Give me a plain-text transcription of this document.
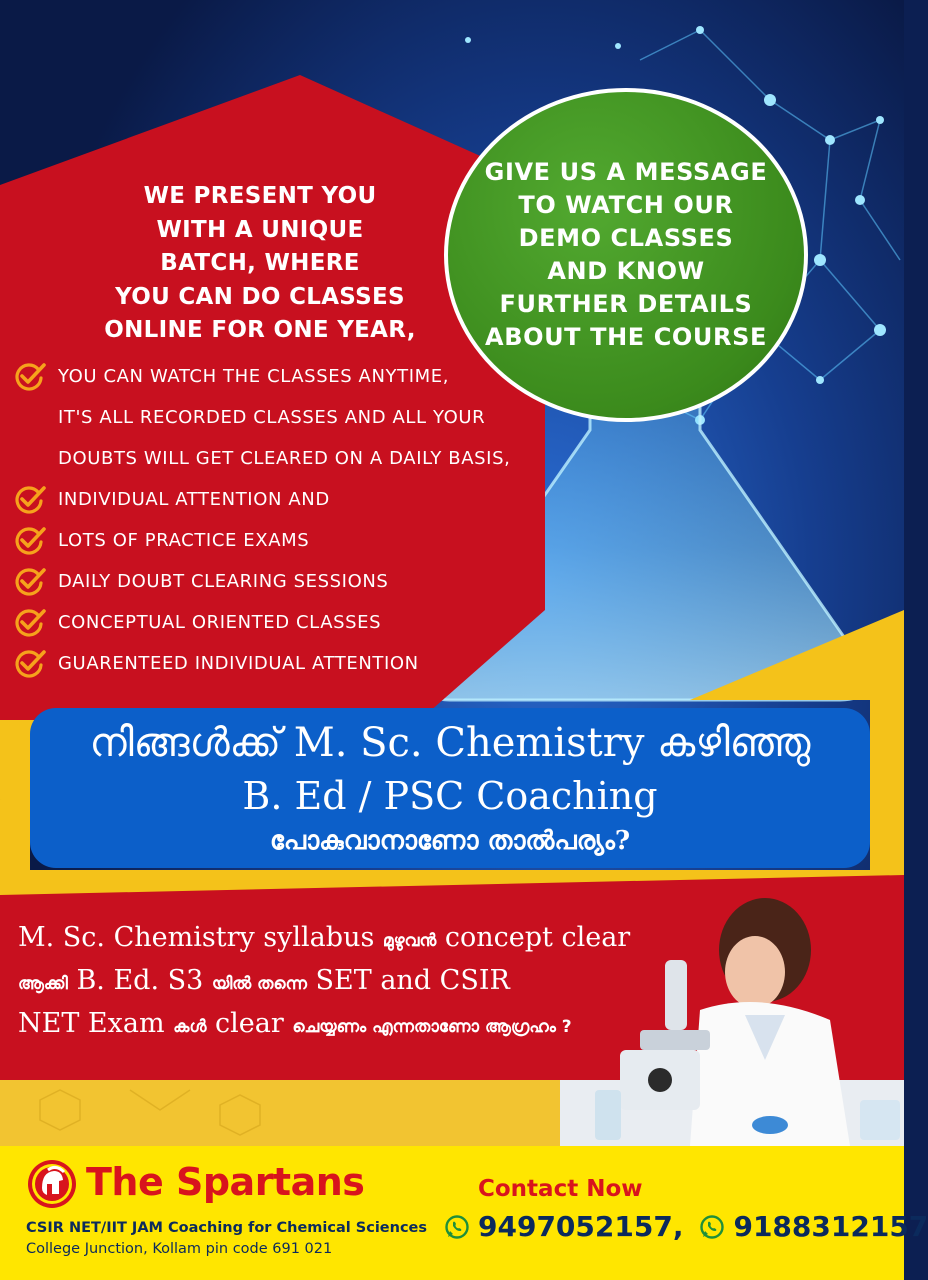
WE PRESENT YOU
WITH A UNIQUE
BATCH, WHERE
YOU CAN DO CLASSES
ONLINE FOR ONE YEAR,
YOU CAN WATCH THE CLASSES ANYTIME,
IT'S ALL RECORDED CLASSES AND ALL YOUR
DOUBTS WILL GET CLEARED ON A DAILY BASIS,
INDIVIDUAL ATTENTION AND
LOTS OF PRACTICE EXAMS
DAILY DOUBT CLEARING SESSIONS
CONCEPTUAL ORIENTED CLASSES
GUARENTEED INDIVIDUAL ATTENTION
GIVE US A MESSAGE
TO WATCH OUR
DEMO CLASSES
AND KNOW
FURTHER DETAILS
ABOUT THE COURSE
നിങ്ങൾക്ക് M. Sc. Chemistry കഴിഞ്ഞു
B. Ed / PSC Coaching
പോകുവാനാണോ താൽപര്യം?
M. Sc. Chemistry syllabus മുഴുവൻ concept clear
ആക്കി B. Ed. S3 യിൽ തന്നെ SET and CSIR
NET Exam കൾ clear ചെയ്യണം എന്നതാണോ ആഗ്രഹം ?
The Spartans
CSIR NET/IIT JAM Coaching for Chemical Sciences
College Junction, Kollam pin code 691 021
Contact Now
9497052157, 9188312157
